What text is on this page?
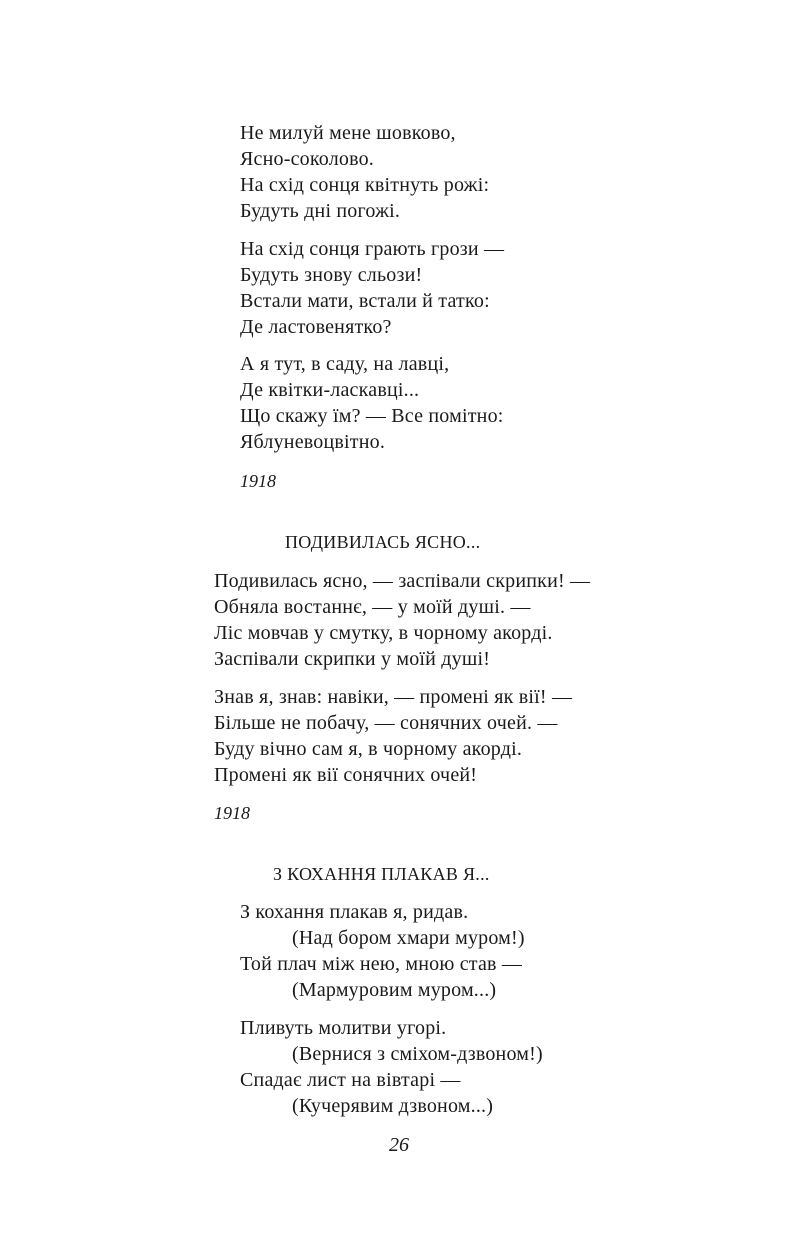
Не милуй мене шовково,
Ясно-соколово.
На схід сонця квітнуть рожі:
Будуть дні погожі.
На схід сонця грають грози —
Будуть знову сльози!
Встали мати, встали й татко:
Де ластовенятко?
А я тут, в саду, на лавці,
Де квітки-ласкавці...
Що скажу їм? — Все помітно:
Яблуневоцвітно.
1918
ПОДИВИЛАСЬ ЯСНО...
Подивилась ясно, — заспівали скрипки! —
Обняла востаннє, — у моїй душі. —
Ліс мовчав у смутку, в чорному акорді.
Заспівали скрипки у моїй душі!
Знав я, знав: навіки, — промені як вії! —
Більше не побачу, — сонячних очей. —
Буду вічно сам я, в чорному акорді.
Промені як вії сонячних очей!
1918
З КОХАННЯ ПЛАКАВ Я...
З кохання плакав я, ридав.
(Над бором хмари муром!)
Той плач між нею, мною став —
(Мармуровим муром...)
Пливуть молитви угорі.
(Вернися з сміхом-дзвоном!)
Спадає лист на вівтарі —
(Кучерявим дзвоном...)
26
